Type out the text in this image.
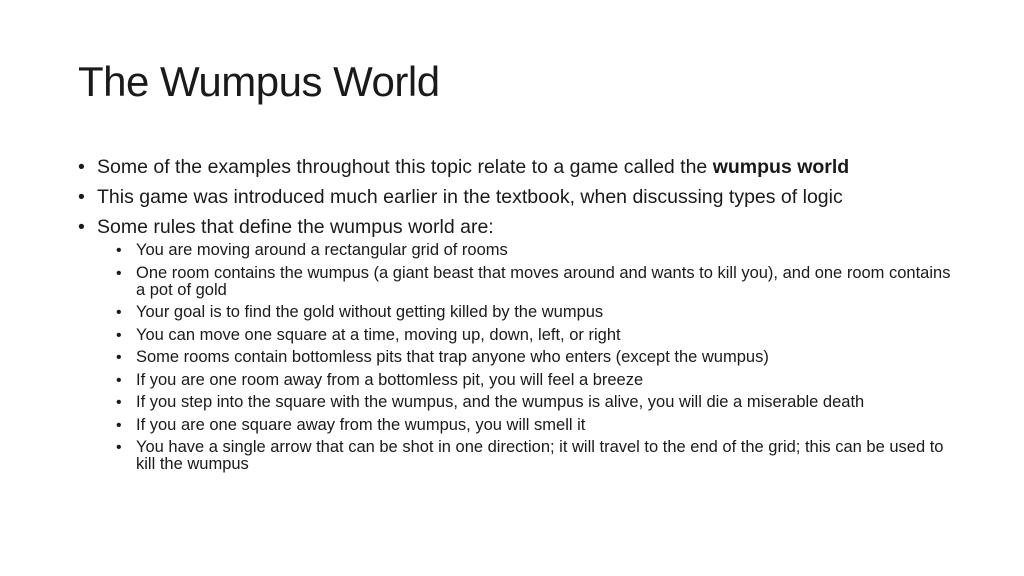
The Wumpus World
• Some of the examples throughout this topic relate to a game called the wumpus world
• This game was introduced much earlier in the textbook, when discussing types of logic
• Some rules that define the wumpus world are:
• You are moving around a rectangular grid of rooms
• One room contains the wumpus (a giant beast that moves around and wants to kill you), and one room contains a pot of gold
• Your goal is to find the gold without getting killed by the wumpus
• You can move one square at a time, moving up, down, left, or right
• Some rooms contain bottomless pits that trap anyone who enters (except the wumpus)
• If you are one room away from a bottomless pit, you will feel a breeze
• If you step into the square with the wumpus, and the wumpus is alive, you will die a miserable death
• If you are one square away from the wumpus, you will smell it
• You have a single arrow that can be shot in one direction; it will travel to the end of the grid; this can be used to kill the wumpus
